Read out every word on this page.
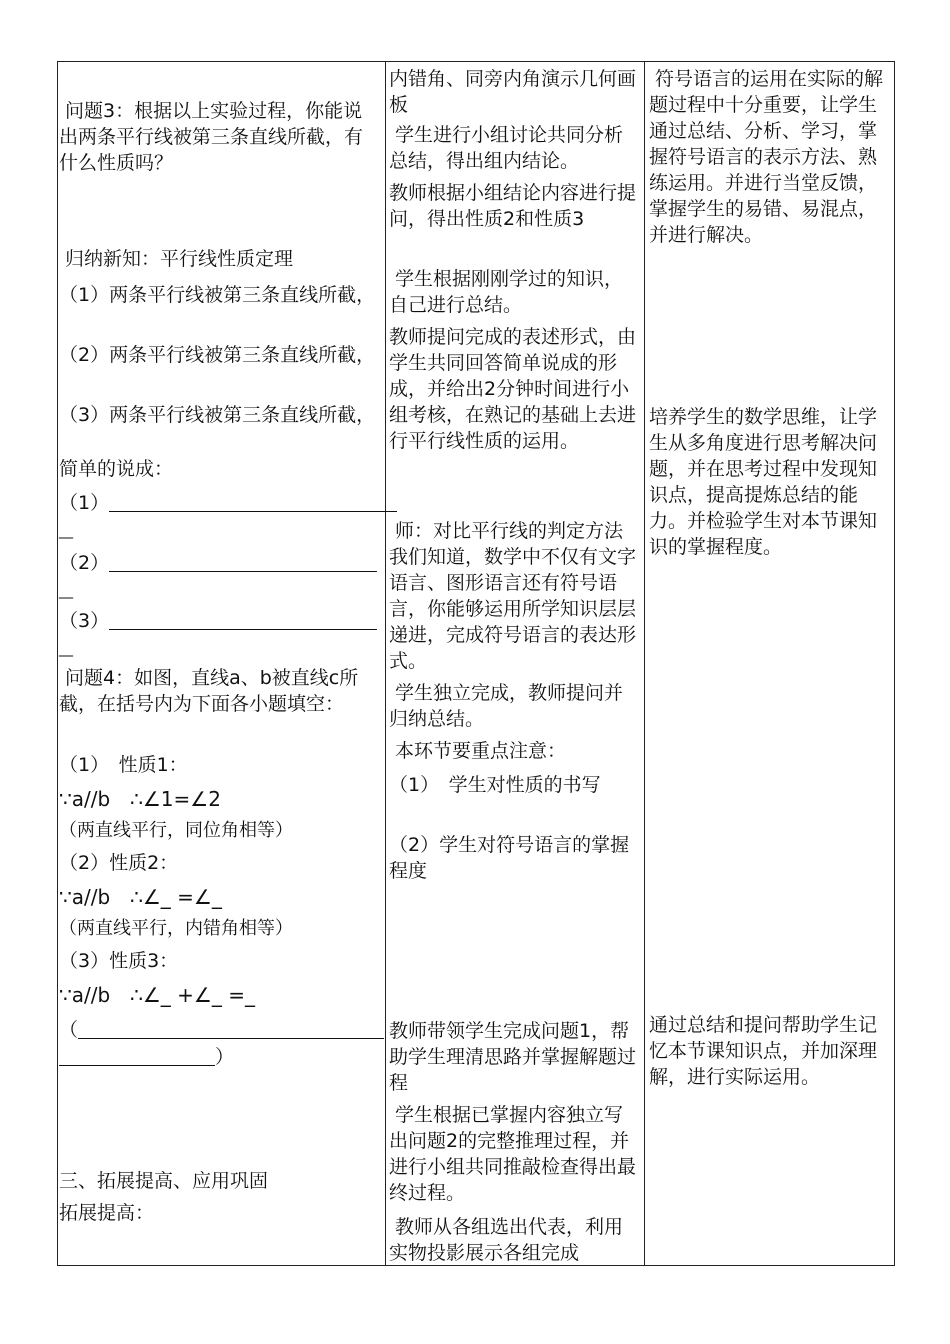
问题3：根据以上实验过程，你能说出两条平行线被第三条直线所截，有什么性质吗？

归纳新知：平行线性质定理

（1）两条平行线被第三条直线所截，

（2）两条平行线被第三条直线所截，

（3）两条平行线被第三条直线所截，

简单的说成：

（1）
__
（2）
__
（3）
__

问题4：如图，直线a、b被直线c所截，在括号内为下面各小题填空：

（1）　性质1：

∵a//b　∴∠1=∠2

（两直线平行，同位角相等）

（2）性质2：

∵a//b　∴∠_ =∠_

（两直线平行，内错角相等）

（3）性质3：

∵a//b　∴∠_ +∠_ =_

（
）

三、拓展提高、应用巩固

拓展提高：

内错角、同旁内角演示几何画板

学生进行小组讨论共同分析总结，得出组内结论。

教师根据小组结论内容进行提问，得出性质2和性质3

学生根据刚刚学过的知识，自己进行总结。

教师提问完成的表述形式，由学生共同回答简单说成的形成，并给出2分钟时间进行小组考核，在熟记的基础上去进行平行线性质的运用。

师：对比平行线的判定方法我们知道，数学中不仅有文字语言、图形语言还有符号语言，你能够运用所学知识层层递进，完成符号语言的表达形式。

学生独立完成，教师提问并归纳总结。

本环节要重点注意：

（1）　学生对性质的书写

（2）学生对符号语言的掌握程度

教师带领学生完成问题1，帮助学生理清思路并掌握解题过程

学生根据已掌握内容独立写出问题2的完整推理过程，并进行小组共同推敲检查得出最终过程。

教师从各组选出代表，利用实物投影展示各组完成

符号语言的运用在实际的解题过程中十分重要，让学生通过总结、分析、学习，掌握符号语言的表示方法、熟练运用。并进行当堂反馈，掌握学生的易错、易混点，并进行解决。

培养学生的数学思维，让学生从多角度进行思考解决问题，并在思考过程中发现知识点，提高提炼总结的能力。并检验学生对本节课知识的掌握程度。

通过总结和提问帮助学生记忆本节课知识点，并加深理解，进行实际运用。
